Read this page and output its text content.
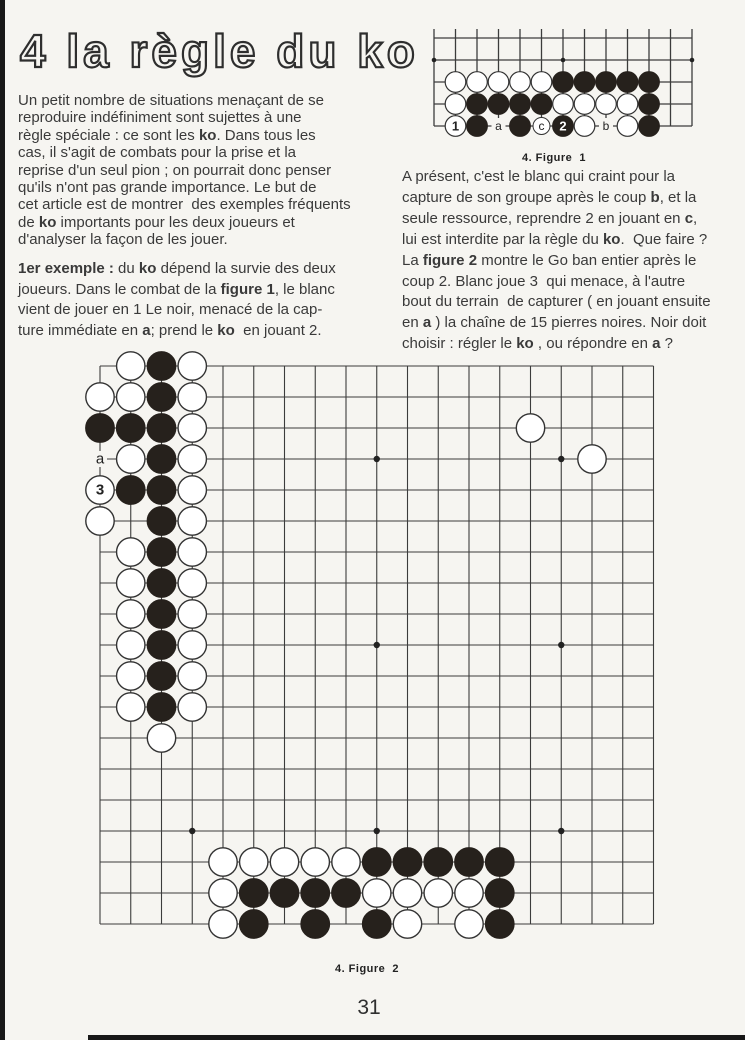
4 la règle du ko

Un petit nombre de situations menaçant de se
reproduire indéfiniment sont sujettes à une
règle spéciale : ce sont les ko. Dans tous les
cas, il s'agit de combats pour la prise et la
reprise d'un seul pion ; on pourrait donc penser
qu'ils n'ont pas grande importance. Le but de
cet article est de montrer  des exemples fréquents
de ko importants pour les deux joueurs et
d'analyser la façon de les jouer.

1er exemple : du ko dépend la survie des deux
joueurs. Dans le combat de la figure 1, le blanc
vient de jouer en 1 Le noir, menacé de la cap-
ture immédiate en a; prend le ko  en jouant 2.

A présent, c'est le blanc qui craint pour la
capture de son groupe après le coup b, et la
seule ressource, reprendre 2 en jouant en c,
lui est interdite par la règle du ko.  Que faire ?
La figure 2 montre le Go ban entier après le
coup 2. Blanc joue 3  qui menace, à l'autre
bout du terrain  de capturer ( en jouant ensuite
en a ) la chaîne de 15 pierres noires. Noir doit
choisir : régler le ko , ou répondre en a ?

1	2
a	c	b
4. Figure  1
3
a
4. Figure  2
31
